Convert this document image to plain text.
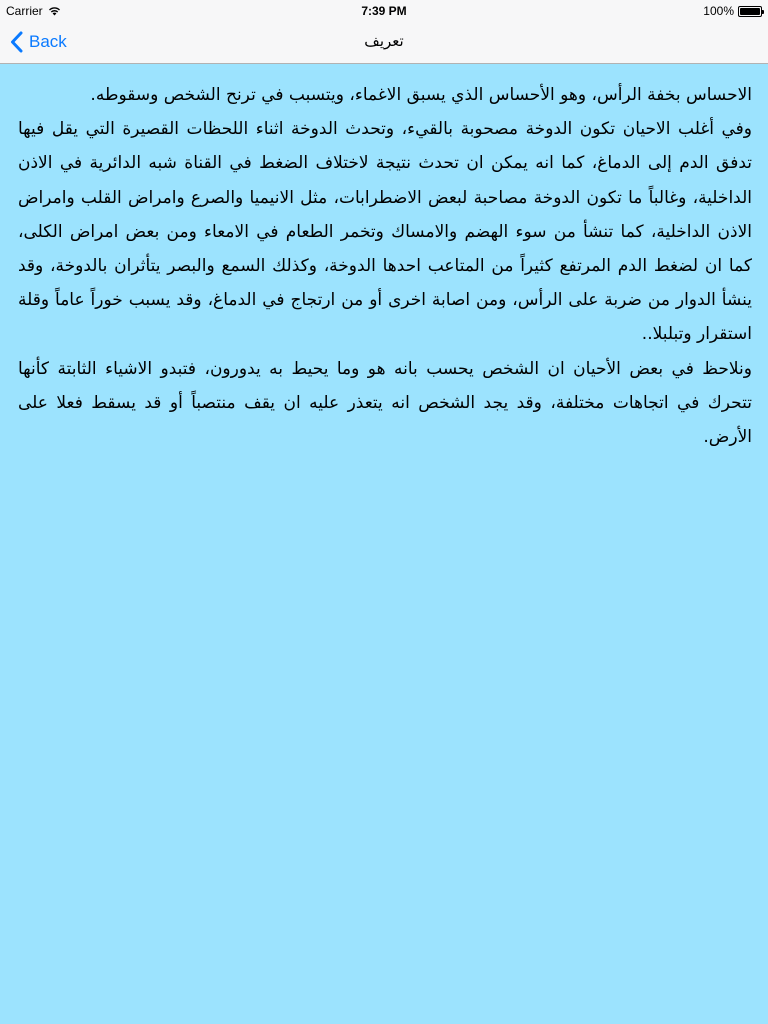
Carrier	7:39 PM	100%
Back	تعريف

الاحساس بخفة الرأس، وهو الأحساس الذي يسبق الاغماء، ويتسبب في ترنح الشخص وسقوطه.

وفي أغلب الاحيان تكون الدوخة مصحوبة بالقيء، وتحدث الدوخة اثناء اللحظات القصيرة التي يقل فيها تدفق الدم إلى الدماغ، كما انه يمكن ان تحدث نتيجة لاختلاف الضغط في القناة شبه الدائرية في الاذن الداخلية، وغالباً ما تكون الدوخة مصاحبة لبعض الاضطرابات، مثل الانيميا والصرع وامراض القلب وامراض الاذن الداخلية، كما تنشأ من سوء الهضم والامساك وتخمر الطعام في الامعاء ومن بعض امراض الكلى، كما ان لضغط الدم المرتفع كثيراً من المتاعب احدها الدوخة، وكذلك السمع والبصر يتأثران بالدوخة، وقد ينشأ الدوار من ضربة على الرأس، ومن اصابة اخرى أو من ارتجاج في الدماغ، وقد يسبب خوراً عاماً وقلة استقرار وتبلبلا..

ونلاحظ في بعض الأحيان ان الشخص يحسب بانه هو وما يحيط به يدورون، فتبدو الاشياء الثابتة كأنها تتحرك في اتجاهات مختلفة، وقد يجد الشخص انه يتعذر عليه ان يقف منتصباً أو قد يسقط فعلا على الأرض.
